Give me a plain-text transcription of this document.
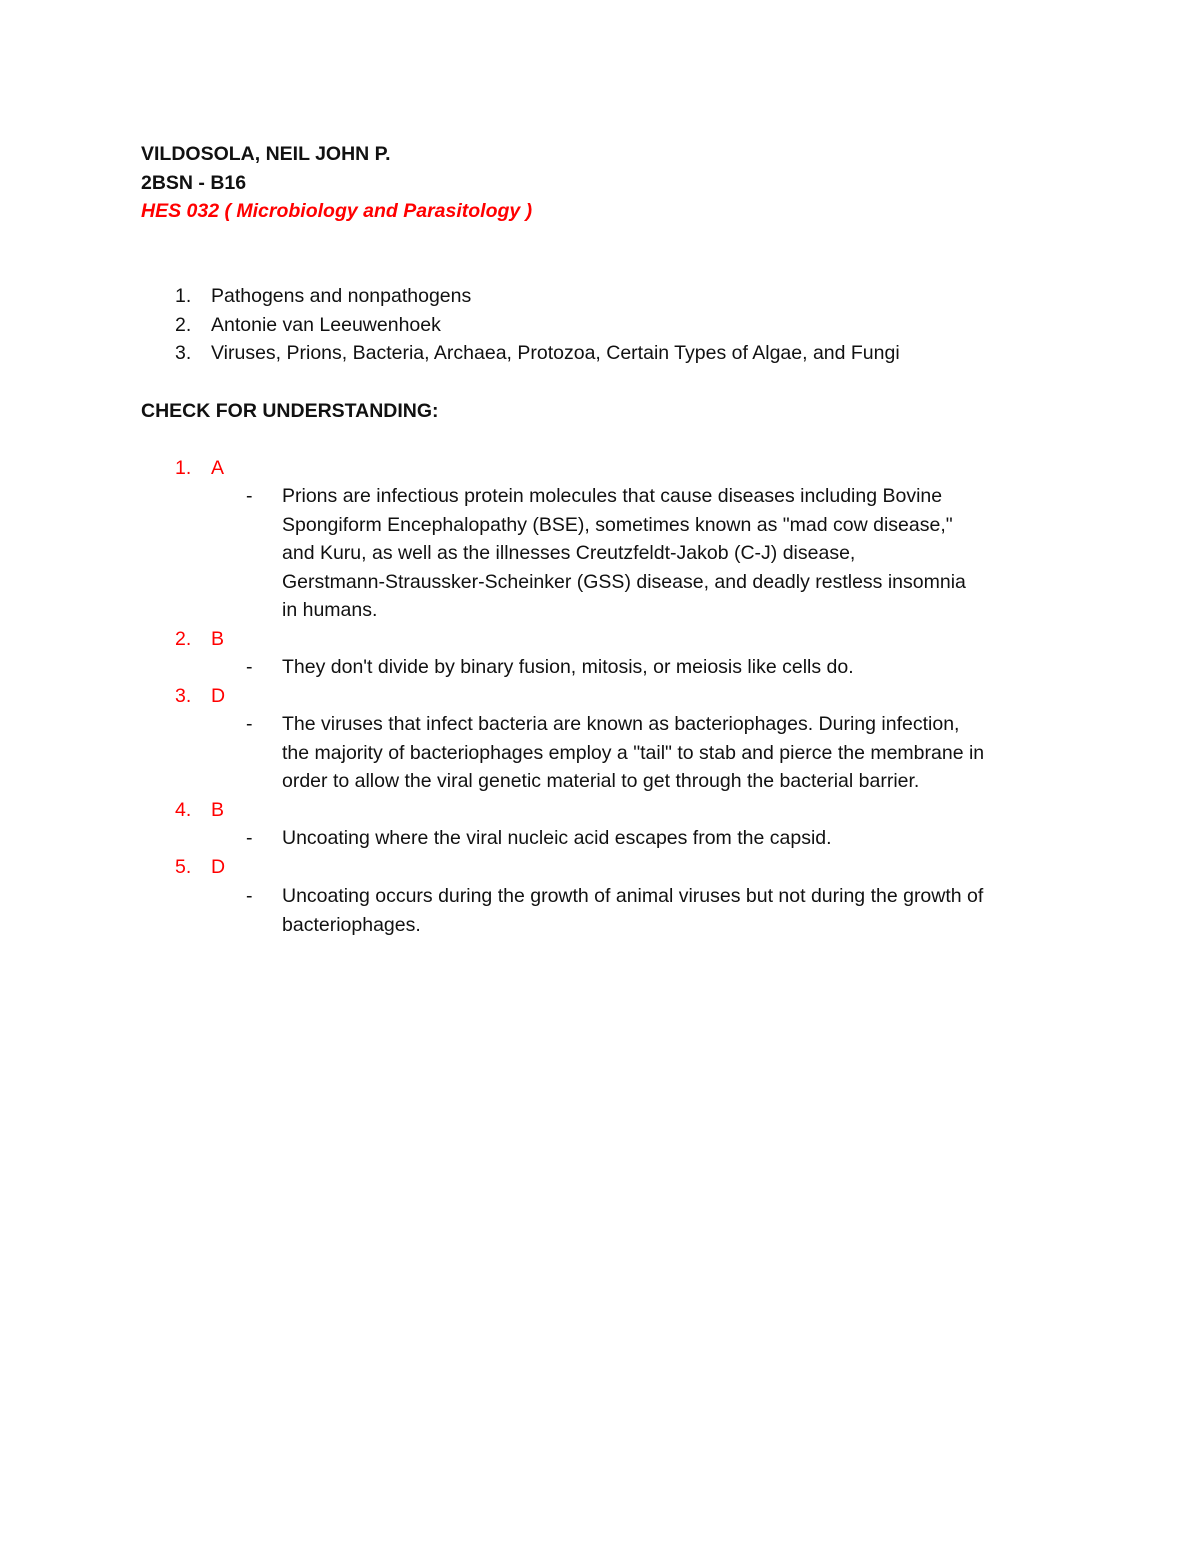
VILDOSOLA, NEIL JOHN P.
2BSN - B16
HES 032 ( Microbiology and Parasitology )
1.	Pathogens and nonpathogens
2.	Antonie van Leeuwenhoek
3.	Viruses, Prions, Bacteria, Archaea, Protozoa, Certain Types of Algae, and Fungi
CHECK FOR UNDERSTANDING:
1.	A
- Prions are infectious protein molecules that cause diseases including Bovine
Spongiform Encephalopathy (BSE), sometimes known as "mad cow disease,"
and Kuru, as well as the illnesses Creutzfeldt-Jakob (C-J) disease,
Gerstmann-Straussker-Scheinker (GSS) disease, and deadly restless insomnia
in humans.
2.	B
- They don't divide by binary fusion, mitosis, or meiosis like cells do.
3.	D
- The viruses that infect bacteria are known as bacteriophages. During infection,
the majority of bacteriophages employ a "tail" to stab and pierce the membrane in
order to allow the viral genetic material to get through the bacterial barrier.
4.	B
- Uncoating where the viral nucleic acid escapes from the capsid.
5.	D
- Uncoating occurs during the growth of animal viruses but not during the growth of
bacteriophages.
